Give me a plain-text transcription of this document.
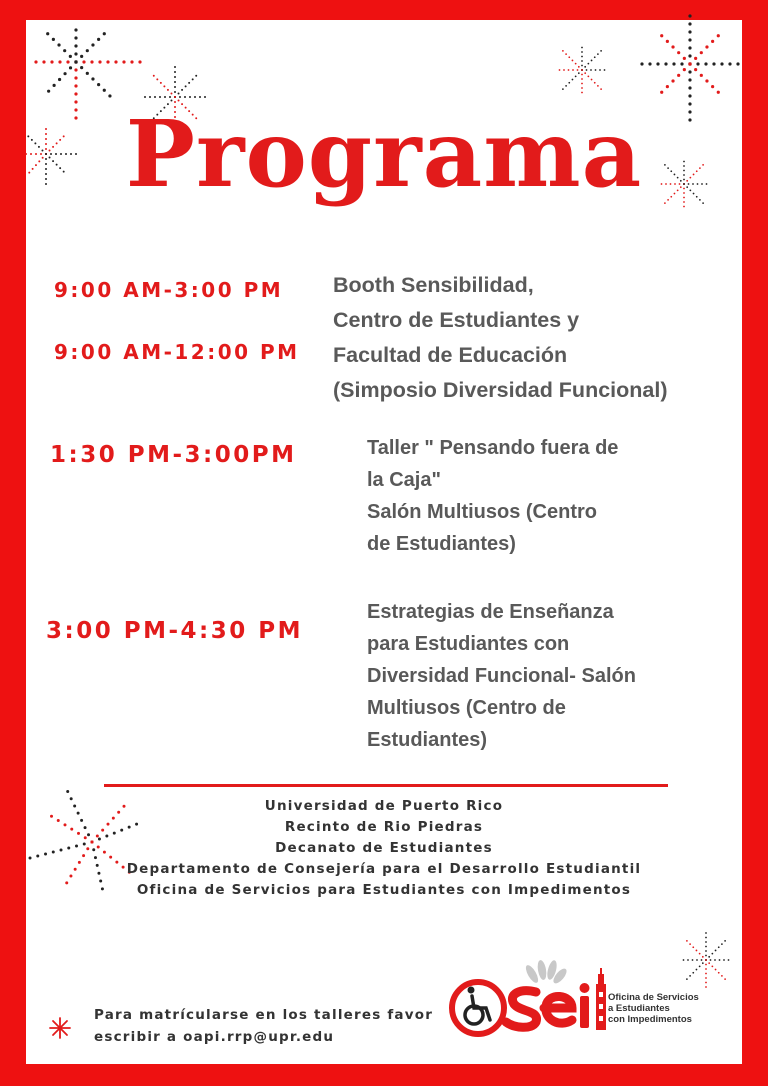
Programa
9:00 AM-3:00 PM
9:00 AM-12:00 PM
Booth Sensibilidad,
Centro de Estudiantes y
Facultad de Educación
(Simposio Diversidad Funcional)
1:30 PM-3:00PM	Taller " Pensando fuera de
la Caja"
Salón Multiusos (Centro
de Estudiantes)
3:00 PM-4:30 PM
Estrategias de Enseñanza
para Estudiantes con
Diversidad Funcional- Salón
Multiusos (Centro de
Estudiantes)
Universidad de Puerto Rico
Recinto de Rio Piedras
Decanato de Estudiantes
Departamento de Consejería para el Desarrollo Estudiantil
Oficina de Servicios para Estudiantes con Impedimentos
Para matrícularse en los talleres favor
escribir a oapi.rrp@upr.edu
Oficina de Servicios
a Estudiantes
con Impedimentos
